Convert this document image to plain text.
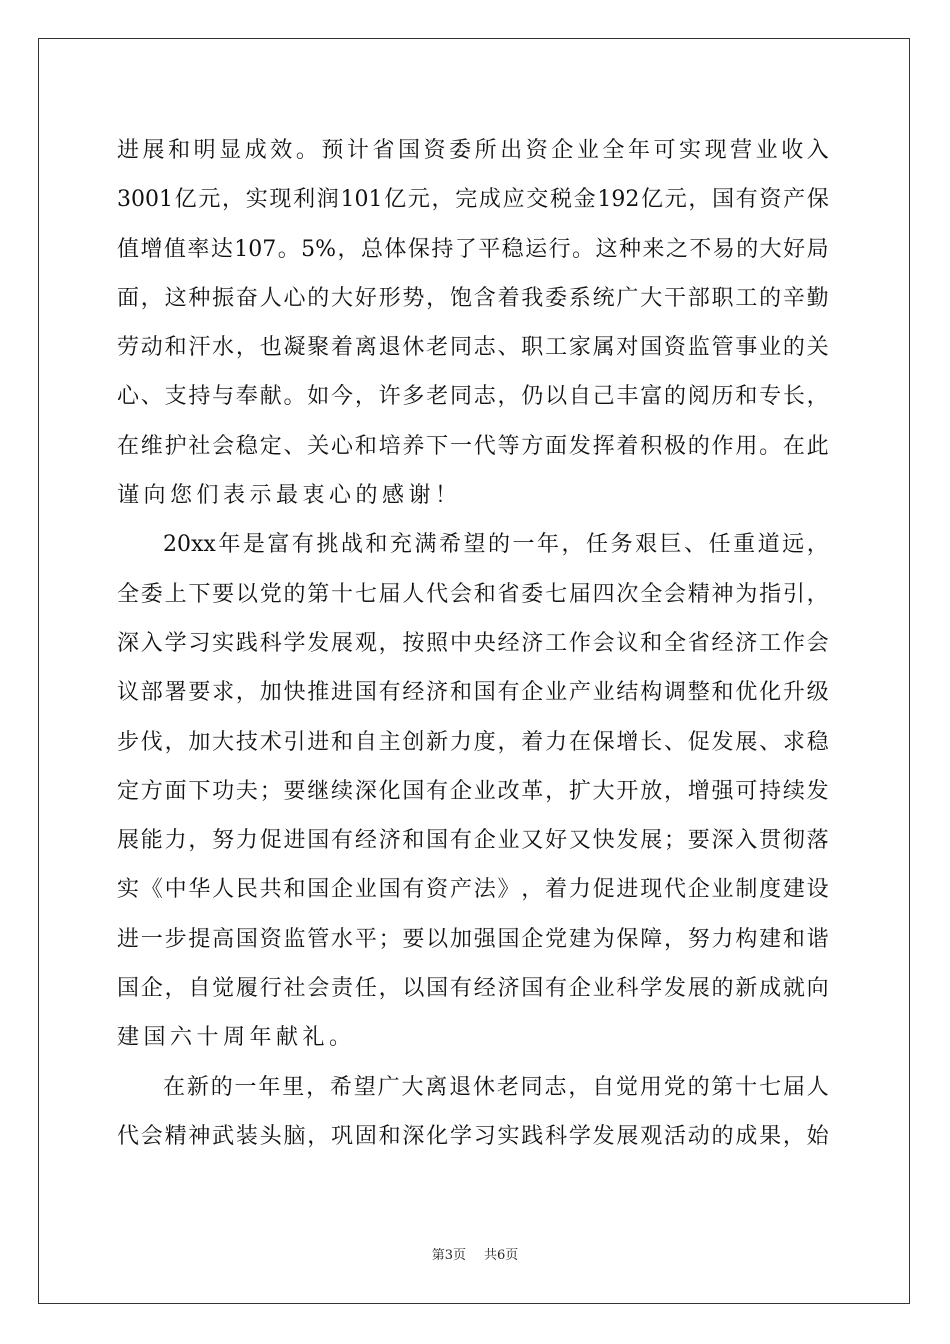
进 展 和 明 显 成 效 。 预 计 省 国 资 委 所 出 资 企 业 全 年 可 实 现 营 业 收 入
3001 亿 元 ， 实 现 利 润 101 亿 元 ， 完 成 应 交 税 金 192 亿 元 ， 国 有 资 产 保
值 增 值 率 达 107 。 5% ， 总 体 保 持 了 平 稳 运 行 。 这 种 来 之 不 易 的 大 好 局
面 ， 这 种 振 奋 人 心 的 大 好 形 势 ， 饱 含 着 我 委 系 统 广 大 干 部 职 工 的 辛 勤
劳 动 和 汗 水 ， 也 凝 聚 着 离 退 休 老 同 志 、 职 工 家 属 对 国 资 监 管 事 业 的 关
心 、 支 持 与 奉 献 。 如 今 ， 许 多 老 同 志 ， 仍 以 自 己 丰 富 的 阅 历 和 专 长 ，
在 维 护 社 会 稳 定 、 关 心 和 培 养 下 一 代 等 方 面 发 挥 着 积 极 的 作 用 。 在 此
谨向您们表示最衷心的感谢！
20xx 年 是 富 有 挑 战 和 充 满 希 望 的 一 年 ， 任 务 艰 巨 、 任 重 道 远 ，
全 委 上 下 要 以 党 的 第 十 七 届 人 代 会 和 省 委 七 届 四 次 全 会 精 神 为 指 引 ，
深 入 学 习 实 践 科 学 发 展 观 ， 按 照 中 央 经 济 工 作 会 议 和 全 省 经 济 工 作 会
议 部 署 要 求 ， 加 快 推 进 国 有 经 济 和 国 有 企 业 产 业 结 构 调 整 和 优 化 升 级
步 伐 ， 加 大 技 术 引 进 和 自 主 创 新 力 度 ， 着 力 在 保 增 长 、 促 发 展 、 求 稳
定 方 面 下 功 夫 ； 要 继 续 深 化 国 有 企 业 改 革 ， 扩 大 开 放 ， 增 强 可 持 续 发
展 能 力 ， 努 力 促 进 国 有 经 济 和 国 有 企 业 又 好 又 快 发 展 ； 要 深 入 贯 彻 落
实 《 中 华 人 民 共 和 国 企 业 国 有 资 产 法 》 ， 着 力 促 进 现 代 企 业 制 度 建 设
进 一 步 提 高 国 资 监 管 水 平 ； 要 以 加 强 国 企 党 建 为 保 障 ， 努 力 构 建 和 谐
国 企 ， 自 觉 履 行 社 会 责 任 ， 以 国 有 经 济 国 有 企 业 科 学 发 展 的 新 成 就 向
建国六十周年献礼。
在 新 的 一 年 里 ， 希 望 广 大 离 退 休 老 同 志 ， 自 觉 用 党 的 第 十 七 届 人
代 会 精 神 武 装 头 脑 ， 巩 固 和 深 化 学 习 实 践 科 学 发 展 观 活 动 的 成 果 ， 始
第3页 共6页
